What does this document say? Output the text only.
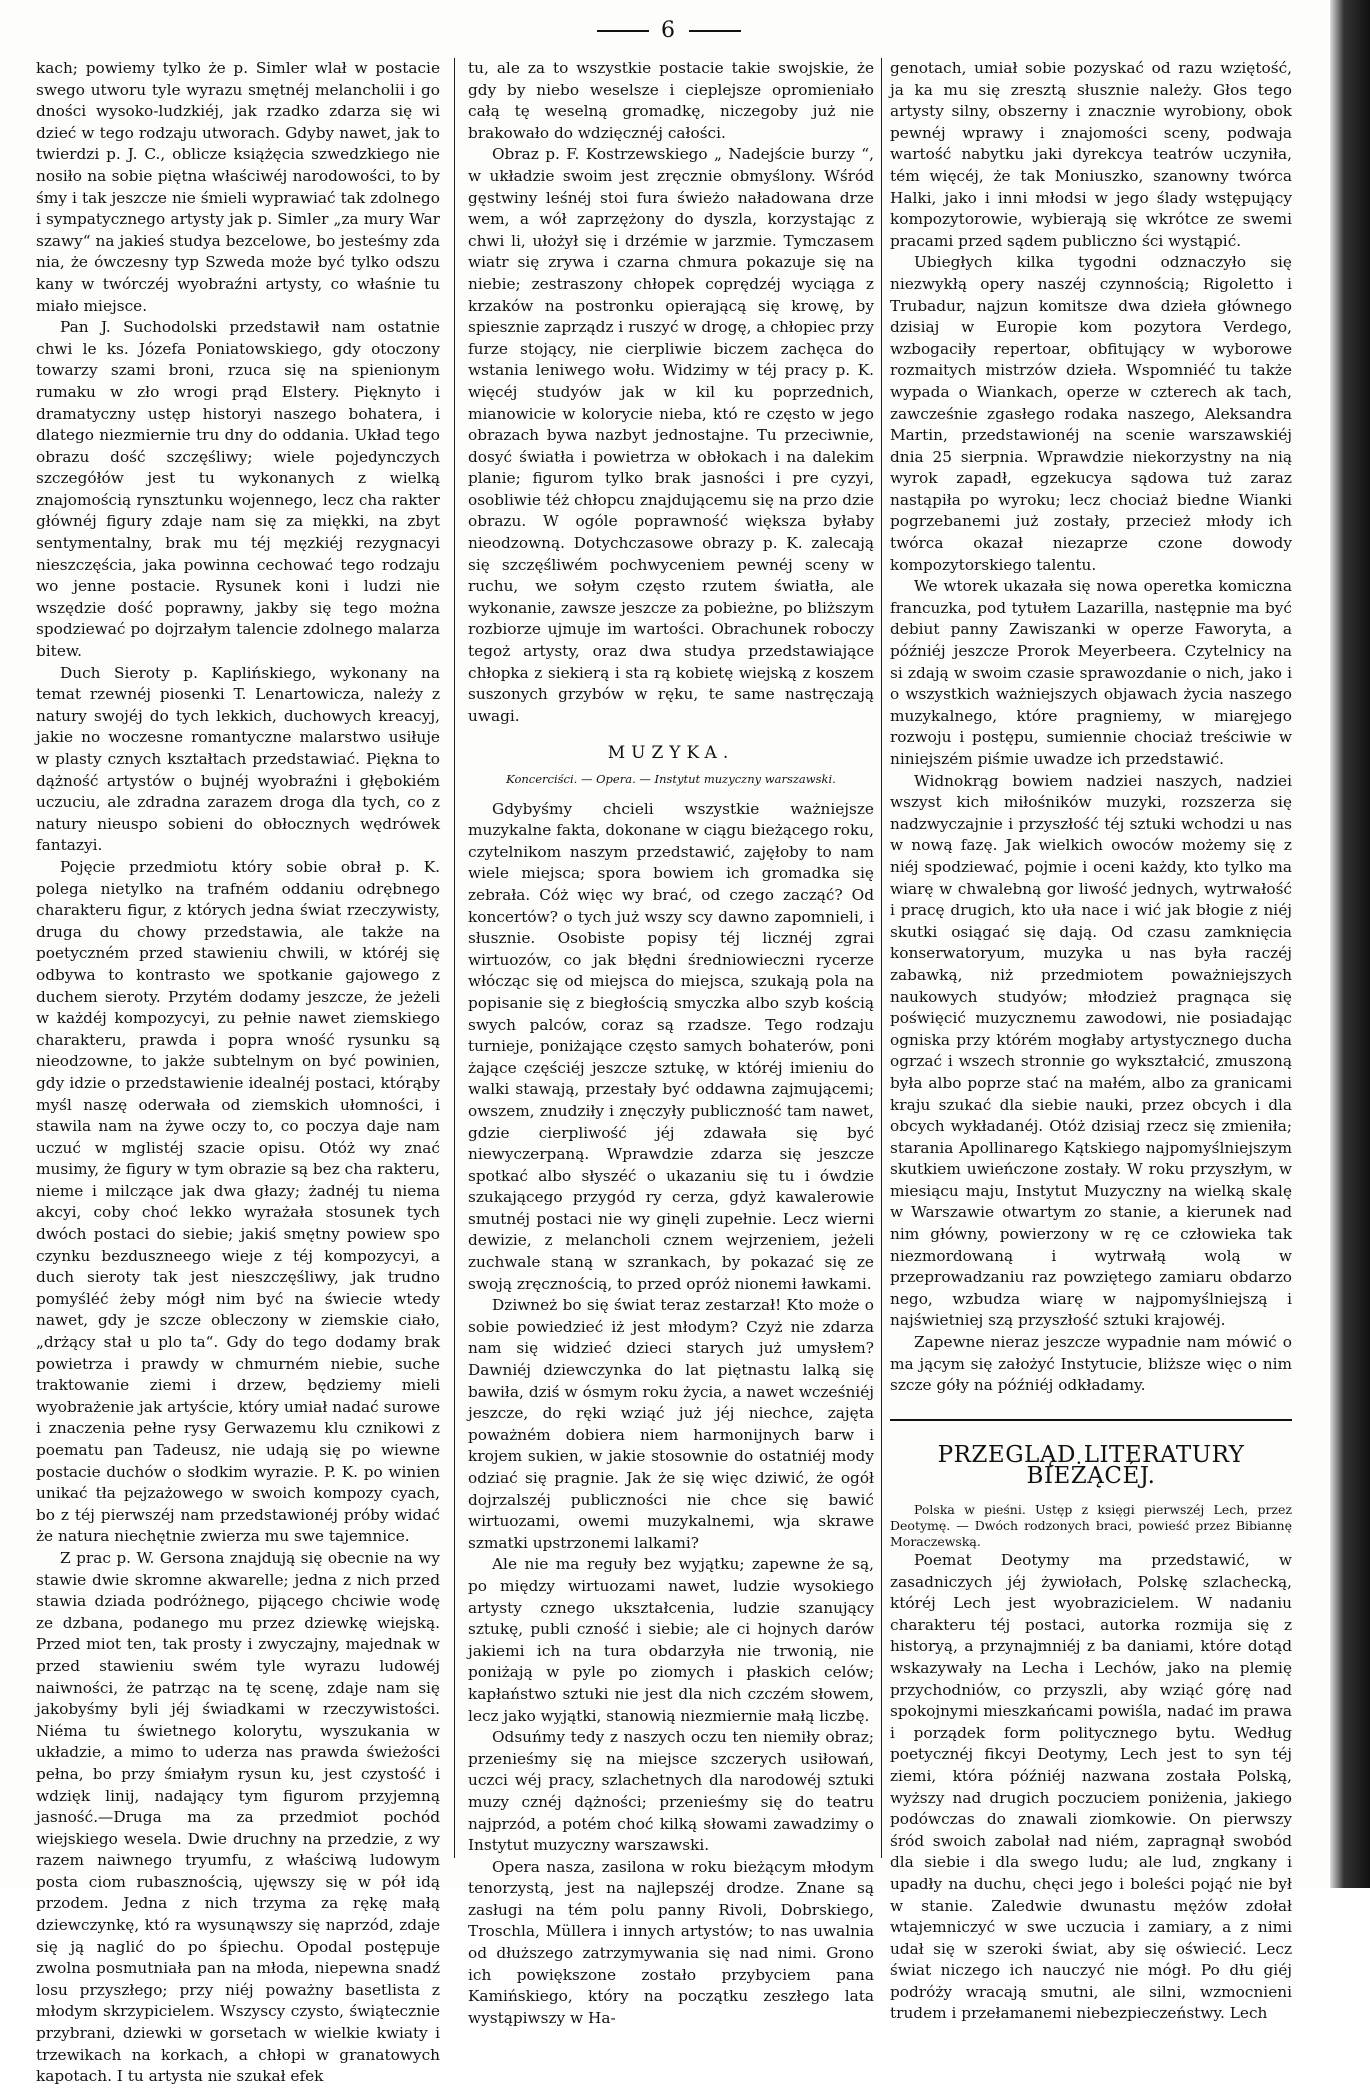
6

kach; powiemy tylko że p. Simler wlał w postacie swego utworu tyle wyrazu smętnéj melancholii i go dności wysoko-ludzkiéj, jak rzadko zdarza się wi dzieć w tego rodzaju utworach. Gdyby nawet, jak to twierdzi p. J. C., oblicze książęcia szwedzkiego nie nosiło na sobie piętna właściwéj narodowości, to by śmy i tak jeszcze nie śmieli wyprawiać tak zdolnego i sympatycznego artysty jak p. Simler „za mury War szawy“ na jakieś studya bezcelowe, bo jesteśmy zda nia, że ówczesny typ Szweda może być tylko odszu kany w twórczéj wyobraźni artysty, co właśnie tu miało miejsce.

Pan J. Suchodolski przedstawił nam ostatnie chwi le ks. Józefa Poniatowskiego, gdy otoczony towarzy szami broni, rzuca się na spienionym rumaku w zło wrogi prąd Elstery. Pięknyto i dramatyczny ustęp historyi naszego bohatera, i dlatego niezmiernie tru dny do oddania. Układ tego obrazu dość szczęśliwy; wiele pojedynczych szczegółów jest tu wykonanych z wielką znajomością rynsztunku wojennego, lecz cha rakter głównéj figury zdaje nam się za miękki, na zbyt sentymentalny, brak mu téj męzkiéj rezygnacyi nieszczęścia, jaka powinna cechować tego rodzaju wo jenne postacie. Rysunek koni i ludzi nie wszędzie dość poprawny, jakby się tego można spodziewać po dojrzałym talencie zdolnego malarza bitew.

Duch Sieroty p. Kaplińskiego, wykonany na temat rzewnéj piosenki T. Lenartowicza, należy z natury swojéj do tych lekkich, duchowych kreacyj, jakie no woczesne romantyczne malarstwo usiłuje w plasty cznych kształtach przedstawiać. Piękna to dążność artystów o bujnéj wyobraźni i głębokiém uczuciu, ale zdradna zarazem droga dla tych, co z natury nieuspo sobieni do obłocznych wędrówek fantazyi.

Pojęcie przedmiotu który sobie obrał p. K. polega nietylko na trafném oddaniu odrębnego charakteru figur, z których jedna świat rzeczywisty, druga du chowy przedstawia, ale także na poetyczném przed stawieniu chwili, w któréj się odbywa to kontrasto we spotkanie gajowego z duchem sieroty. Przytém dodamy jeszcze, że jeżeli w każdéj kompozycyi, zu pełnie nawet ziemskiego charakteru, prawda i popra wność rysunku są nieodzowne, to jakże subtelnym on być powinien, gdy idzie o przedstawienie idealnéj postaci, którąby myśl naszę oderwała od ziemskich ułomności, i stawila nam na żywe oczy to, co poczya daje nam uczuć w mglistéj szacie opisu. Otóż wy znać musimy, że figury w tym obrazie są bez cha rakteru, nieme i milczące jak dwa głazy; żadnéj tu niema akcyi, coby choć lekko wyrażała stosunek tych dwóch postaci do siebie; jakiś smętny powiew spo czynku bezduszneego wieje z téj kompozycyi, a duch sieroty tak jest nieszczęśliwy, jak trudno pomyśléć żeby mógł nim być na świecie wtedy nawet, gdy je szcze obleczony w ziemskie ciało, „drżący stał u plo ta“. Gdy do tego dodamy brak powietrza i prawdy w chmurném niebie, suche traktowanie ziemi i drzew, będziemy mieli wyobrażenie jak artyście, który umiał nadać surowe i znaczenia pełne rysy Gerwazemu klu cznikowi z poematu pan Tadeusz, nie udają się po wiewne postacie duchów o słodkim wyrazie. P. K. po winien unikać tła pejzażowego w swoich kompozy cyach, bo z téj pierwszéj nam przedstawionéj próby widać że natura niechętnie zwierza mu swe tajemnice.

Z prac p. W. Gersona znajdują się obecnie na wy stawie dwie skromne akwarelle; jedna z nich przed stawia dziada podróżnego, pijącego chciwie wodę ze dzbana, podanego mu przez dziewkę wiejską. Przed miot ten, tak prosty i zwyczajny, majednak w przed stawieniu swém tyle wyrazu ludowéj naiwności, że patrząc na tę scenę, zdaje nam się jakobyśmy byli jéj świadkami w rzeczywistości. Niéma tu świetnego kolorytu, wyszukania w układzie, a mimo to uderza nas prawda świeżości pełna, bo przy śmiałym rysun ku, jest czystość i wdzięk linij, nadający tym figurom przyjemną jasność.—Druga ma za przedmiot pochód wiejskiego wesela. Dwie druchny na przedzie, z wy razem naiwnego tryumfu, z właściwą ludowym posta ciom rubasznością, ujęwszy się w pół idą przodem. Jedna z nich trzyma za rękę małą dziewczynkę, któ ra wysunąwszy się naprzód, zdaje się ją naglić do po śpiechu. Opodal postępuje zwolna posmutniała pan na młoda, niepewna snadź losu przyszłego; przy niéj poważny basetlista z młodym skrzypicielem. Wszyscy czysto, świątecznie przybrani, dziewki w gorsetach w wielkie kwiaty i trzewikach na korkach, a chłopi w granatowych kapotach. I tu artysta nie szukał efek

tu, ale za to wszystkie postacie takie swojskie, że gdy by niebo weselsze i cieplejsze opromieniało całą tę weselną gromadkę, niczegoby już nie brakowało do wdzięcznéj całości.

Obraz p. F. Kostrzewskiego „ Nadejście burzy “, w układzie swoim jest zręcznie obmyślony. Wśród gęstwiny leśnéj stoi fura świeżo naładowana drze wem, a wół zaprzężony do dyszla, korzystając z chwi li, ułożył się i drzémie w jarzmie. Tymczasem wiatr się zrywa i czarna chmura pokazuje się na niebie; zestraszony chłopek coprędzéj wyciąga z krzaków na postronku opierającą się krowę, by spiesznie zaprządz i ruszyć w drogę, a chłopiec przy furze stojący, nie cierpliwie biczem zachęca do wstania leniwego wołu. Widzimy w téj pracy p. K. więcéj studyów jak w kil ku poprzednich, mianowicie w kolorycie nieba, któ re często w jego obrazach bywa nazbyt jednostajne. Tu przeciwnie, dosyć światła i powietrza w obłokach i na dalekim planie; figurom tylko brak jasności i pre cyzyi, osobliwie téż chłopcu znajdującemu się na przo dzie obrazu. W ogóle poprawność większa byłaby nieodzowną. Dotychczasowe obrazy p. K. zalecają się szczęśliwém pochwyceniem pewnéj sceny w ruchu, we sołym często rzutem światła, ale wykonanie, zawsze jeszcze za pobieżne, po bliższym rozbiorze ujmuje im wartości. Obrachunek roboczy tegoż artysty, oraz dwa studya przedstawiające chłopka z siekierą i sta rą kobietę wiejską z koszem suszonych grzybów w ręku, te same nastręczają uwagi.

MUZYKA.
Koncerciści. — Opera. — Instytut muzyczny warszawski.

Gdybyśmy chcieli wszystkie ważniejsze muzykalne fakta, dokonane w ciągu bieżącego roku, czytelnikom naszym przedstawić, zajęłoby to nam wiele miejsca; spora bowiem ich gromadka się zebrała. Cóż więc wy brać, od czego zacząć? Od koncertów? o tych już wszy scy dawno zapomnieli, i słusznie. Osobiste popisy téj licznéj zgrai wirtuozów, co jak błędni średniowieczni rycerze włócząc się od miejsca do miejsca, szukają pola na popisanie się z biegłością smyczka albo szyb kością swych palców, coraz są rzadsze. Tego rodzaju turniejе, poniżające często samych bohaterów, poni żające częściéj jeszcze sztukę, w któréj imieniu do walki stawają, przestały być oddawna zajmującemi; owszem, znudziły i znęczyły publiczność tam nawet, gdzie cierpliwość jéj zdawała się być niewyczerpaną. Wprawdzie zdarza się jeszcze spotkać albo słyszéć o ukazaniu się tu i ówdzie szukającego przygód ry cerza, gdyż kawalerowie smutnéj postaci nie wy ginęli zupełnie. Lecz wierni dewizie, z melancholi cznem wejrzeniem, jeżeli zuchwale staną w szrankach, by pokazać się ze swoją zręcznością, to przed opróż nionemi ławkami.

Dziwneż bo się świat teraz zestarzał! Kto może o sobie powiedzieć iż jest młodym? Czyż nie zdarza nam się widzieć dzieci starych już umysłem? Dawniéj dziewczynka do lat piętnastu lalką się bawiła, dziś w ósmym roku życia, a nawet wcześniéj jeszcze, do ręki wziąć już jéj niechce, zajęta poważném dobiera niem harmonijnych barw i krojem sukien, w jakie stosownie do ostatniéj mody odziać się pragnie. Jak że się więc dziwić, że ogół dojrzalszéj publiczności nie chce się bawić wirtuozami, owemi muzykalnemi, wja skrawe szmatki upstrzonemi lalkami?

Ale nie ma reguły bez wyjątku; zapewne że są, po między wirtuozami nawet, ludzie wysokiego artysty cznego ukształcenia, ludzie szanujący sztukę, publi czność i siebie; ale ci hojnych darów jakiemi ich na tura obdarzyła nie trwonią, nie poniżają w pyle po ziomych i płaskich celów; kapłaństwo sztuki nie jest dla nich czczém słowem, lecz jako wyjątki, stanowią niezmiernie małą liczbę.

Odsuńmy tedy z naszych oczu ten niemiły obraz; przenieśmy się na miejsce szczerych usiłowań, uczci wéj pracy, szlachetnych dla narodowéj sztuki muzy cznéj dążności; przenieśmy się do teatru najprzód, a potém choć kilką słowami zawadzimy o Instytut muzyczny warszawski.

Opera nasza, zasilona w roku bieżącym młodym tenorzystą, jest na najlepszéj drodze. Znane są zasługi na tém polu panny Rivoli, Dobrskiego, Troschla, Müllera i innych artystów; to nas uwalnia od dłuższego zatrzymywania się nad nimi. Grono ich powiększone zostało przybyciem pana Kamińskiego, który na początku zeszłego lata wystąpiwszy w Ha-

genotach, umiał sobie pozyskać od razu wziętość, ja ka mu się zresztą słusznie należy. Głos tego artysty silny, obszerny i znacznie wyrobiony, obok pewnéj wprawy i znajomości sceny, podwaja wartość nabytku jaki dyrekcya teatrów uczyniła, tém więcéj, że tak Moniuszko, szanowny twórca Halki, jako i inni młodsi w jego ślady wstępujący kompozytorowie, wybierają się wkrótce ze swemi pracami przed sądem publiczno ści wystąpić.

Ubiegłych kilka tygodni odznaczyło się niezwykłą opery naszéj czynnością; Rigoletto i Trubadur, najzun komitsze dwa dzieła głównego dzisiaj w Europie kom pozytora Verdego, wzbogaciły repertoar, obfitujący w wyborowe rozmaitych mistrzów dzieła. Wspomniéć tu także wypada o Wiankach, operze w czterech ak tach, zawcześnie zgasłego rodaka naszego, Aleksandra Martin, przedstawionéj na scenie warszawskiéj dnia 25 sierpnia. Wprawdzie niekorzystny na nią wyrok zapadł, egzekucya sądowa tuż zaraz nastąpiła po wyroku; lecz chociaż biedne Wianki pogrzebanemi już zostały, przecież młody ich twórca okazał niezaprze czone dowody kompozytorskiego talentu.

We wtorek ukazała się nowa operetka komiczna francuzka, pod tytułem Lazarilla, następnie ma być debiut panny Zawiszanki w operze Faworyta, a późniéj jeszcze Prorok Meyerbeera. Czytelnicy na si zdają w swoim czasie sprawozdanie o nich, jako i o wszystkich ważniejszych objawach życia naszego muzykalnego, które pragniemy, w miaręjego rozwoju i postępu, sumiennie chociaż treściwie w niniejszém piśmie uwadze ich przedstawić.

Widnokrąg bowiem nadziei naszych, nadziei wszyst kich miłośników muzyki, rozszerza się nadzwyczajnie i przyszłość téj sztuki wchodzi u nas w nową fazę. Jak wielkich owoców możemy się z niéj spodziewać, pojmie i oceni każdy, kto tylko ma wiarę w chwalebną gor liwość jednych, wytrwałość i pracę drugich, kto uła nace i wić jak błogie z niéj skutki osiągać się dają. Od czasu zamknięcia konserwatoryum, muzyka u nas była raczéj zabawką, niż przedmiotem poważniejszych naukowych studyów; młodzież pragnąca się poświęcić muzycznemu zawodowi, nie posiadając ogniska przy którém mogłaby artystycznego ducha ogrzać i wszech stronnie go wykształcić, zmuszoną była albo poprze stać na małém, albo za granicami kraju szukać dla siebie nauki, przez obcych i dla obcych wykładanéj. Otóż dzisiaj rzecz się zmieniła; starania Apollinarego Kątskiego najpomyślniejszym skutkiem uwieńczone zostały. W roku przyszłym, w miesiącu maju, Instytut Muzyczny na wielką skalę w Warszawie otwartym zo stanie, a kierunek nad nim główny, powierzony w rę ce człowieka tak niezmordowaną i wytrwałą wolą w przeprowadzaniu raz powziętego zamiaru obdarzo nego, wzbudza wiarę w najpomyślniejszą i najświetniej szą przyszłość sztuki krajowéj.

Zapewne nieraz jeszcze wypadnie nam mówić o ma jącym się założyć Instytucie, bliższe więc o nim szcze góły na późniéj odkładamy.

PRZEGLĄD LITERATURY BIEŻĄCÉJ.

Polska w pieśni. Ustęp z księgi pierwszéj Lech, przez Deotymę. — Dwóch rodzonych braci, powieść przez Bibiannę Moraczewską.

Poemat Deotymy ma przedstawić, w zasadniczych jéj żywiołach, Polskę szlachecką, któréj Lech jest wyobrazicielem. W nadaniu charakteru téj postaci, autorka rozmija się z historyą, a przynajmniéj z ba daniami, które dotąd wskazywały na Lecha i Lechów, jako na plemię przychodniów, co przyszli, aby wziąć górę nad spokojnymi mieszkańcami powiśla, nadać im prawa i porządek form politycznego bytu. Według poetycznéj fikcyi Deotymy, Lech jest to syn téj ziemi, która późniéj nazwana została Polską, wyższy nad drugich poczuciem poniżenia, jakiego podówczas do znawali ziomkowie. On pierwszy śród swoich zabolał nad niém, zapragnął swobód dla siebie i dla swego ludu; ale lud, zngkany i upadły na duchu, chęci jego i boleści pojąć nie był w stanie. Zaledwie dwunastu mężów zdołał wtajemniczyć w swe uczucia i zamiary, a z nimi udał się w szeroki świat, aby się oświecić. Lecz świat niczego ich nauczyć nie mógł. Po dłu giéj podróży wracają smutni, ale silni, wzmocnieni trudem i przełamanemi niebezpieczeństwy. Lech
